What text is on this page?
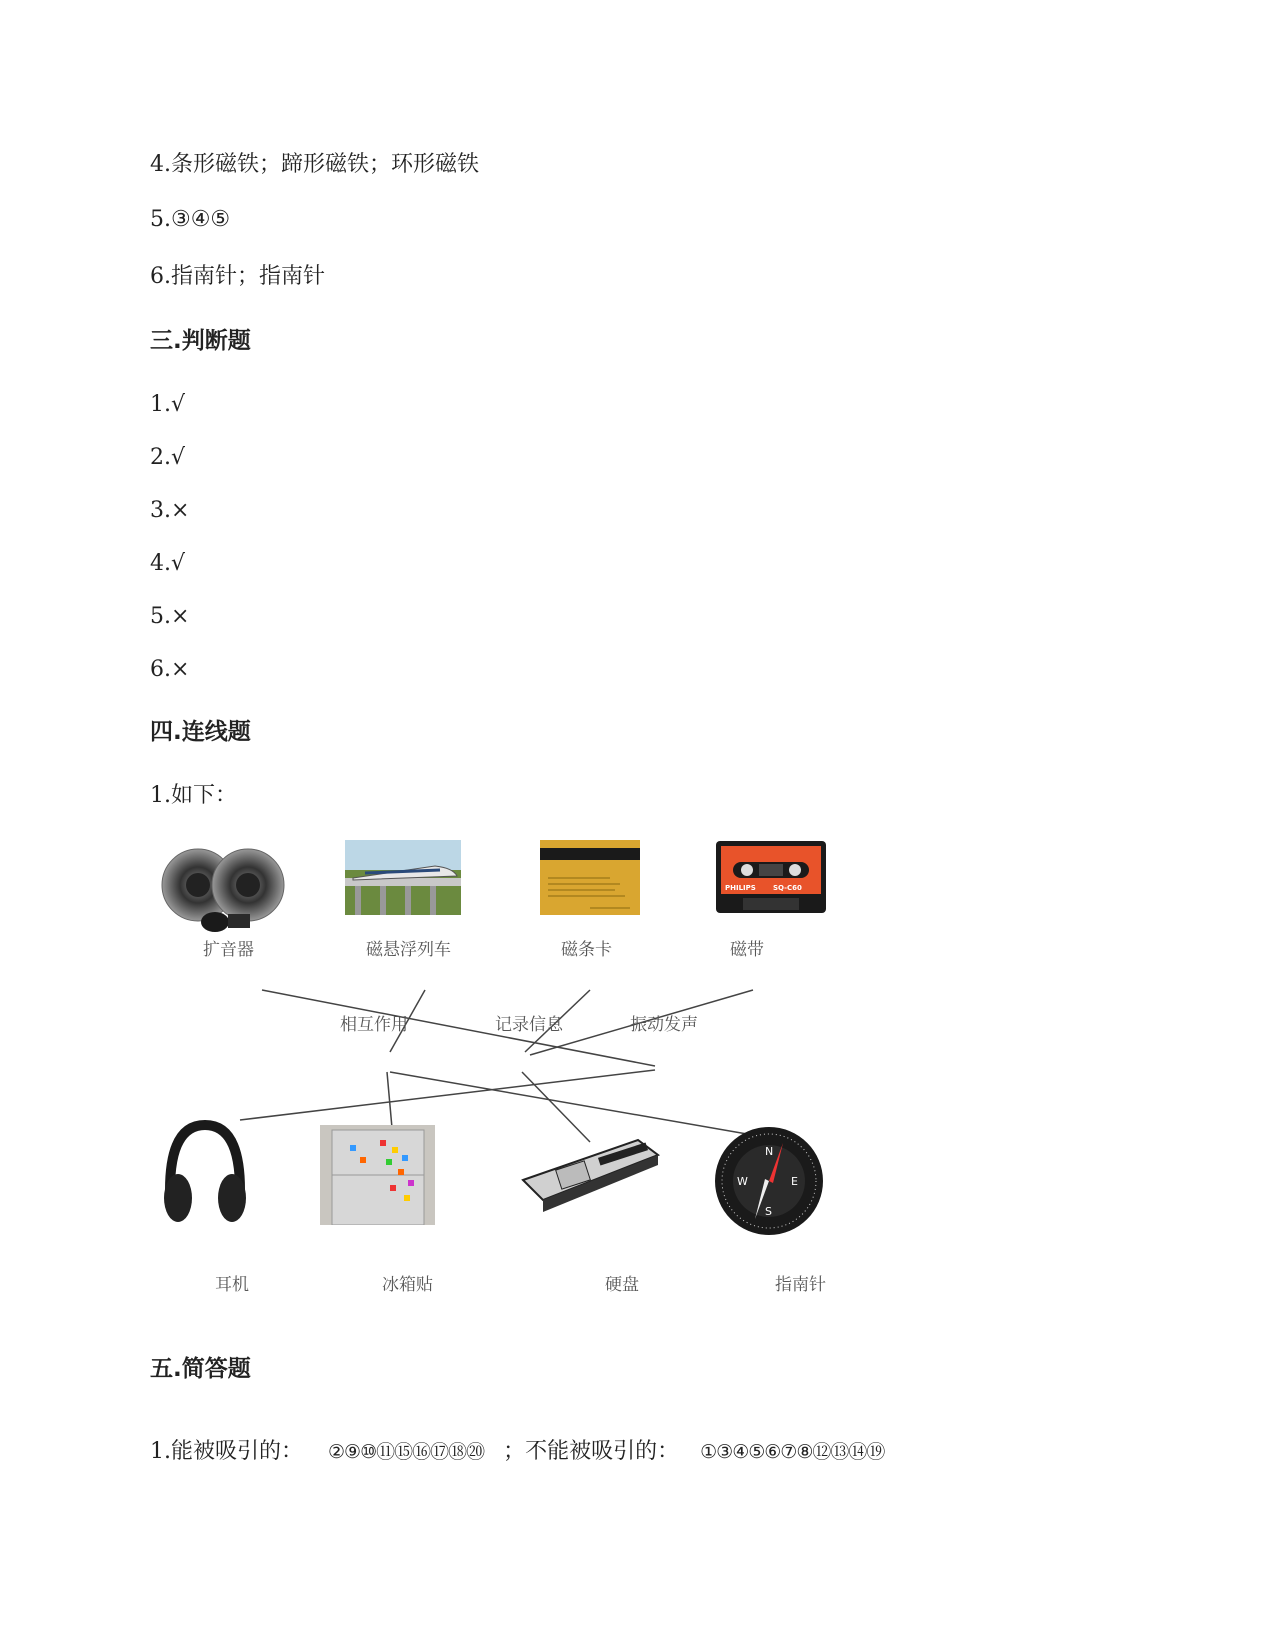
4.条形磁铁；蹄形磁铁；环形磁铁
5.③④⑤
6.指南针；指南针
三.判断题
1.√
2.√
3.×
4.√
5.×
6.×
四.连线题
1.如下：
PHILIPS SQ-C60
扩音器	磁悬浮列车	磁条卡	磁带
相互作用	记录信息	振动发声
N
E
S
W
耳机	冰箱贴	硬盘	指南针
五.简答题
1.能被吸引的： ②⑨⑩⑪⑮⑯⑰⑱⑳ ；不能被吸引的： ①③④⑤⑥⑦⑧⑫⑬⑭⑲
